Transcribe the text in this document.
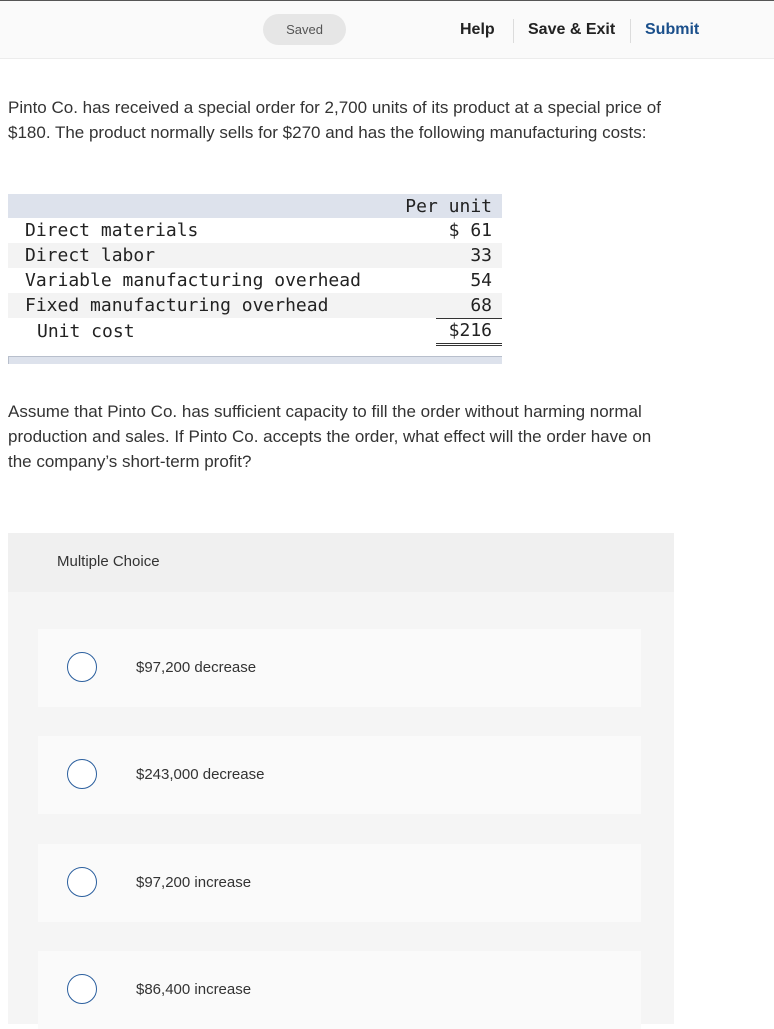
Saved	Help Save & Exit Submit

Pinto Co. has received a special order for 2,700 units of its product at a special price of $180. The product normally sells for $270 and has the following manufacturing costs:

Per unit
Direct materials	$ 61
Direct labor	33
Variable manufacturing overhead	54
Fixed manufacturing overhead	68
Unit cost	$216

Assume that Pinto Co. has sufficient capacity to fill the order without harming normal production and sales. If Pinto Co. accepts the order, what effect will the order have on the company’s short-term profit?

Multiple Choice
$97,200 decrease
$243,000 decrease
$97,200 increase
$86,400 increase
